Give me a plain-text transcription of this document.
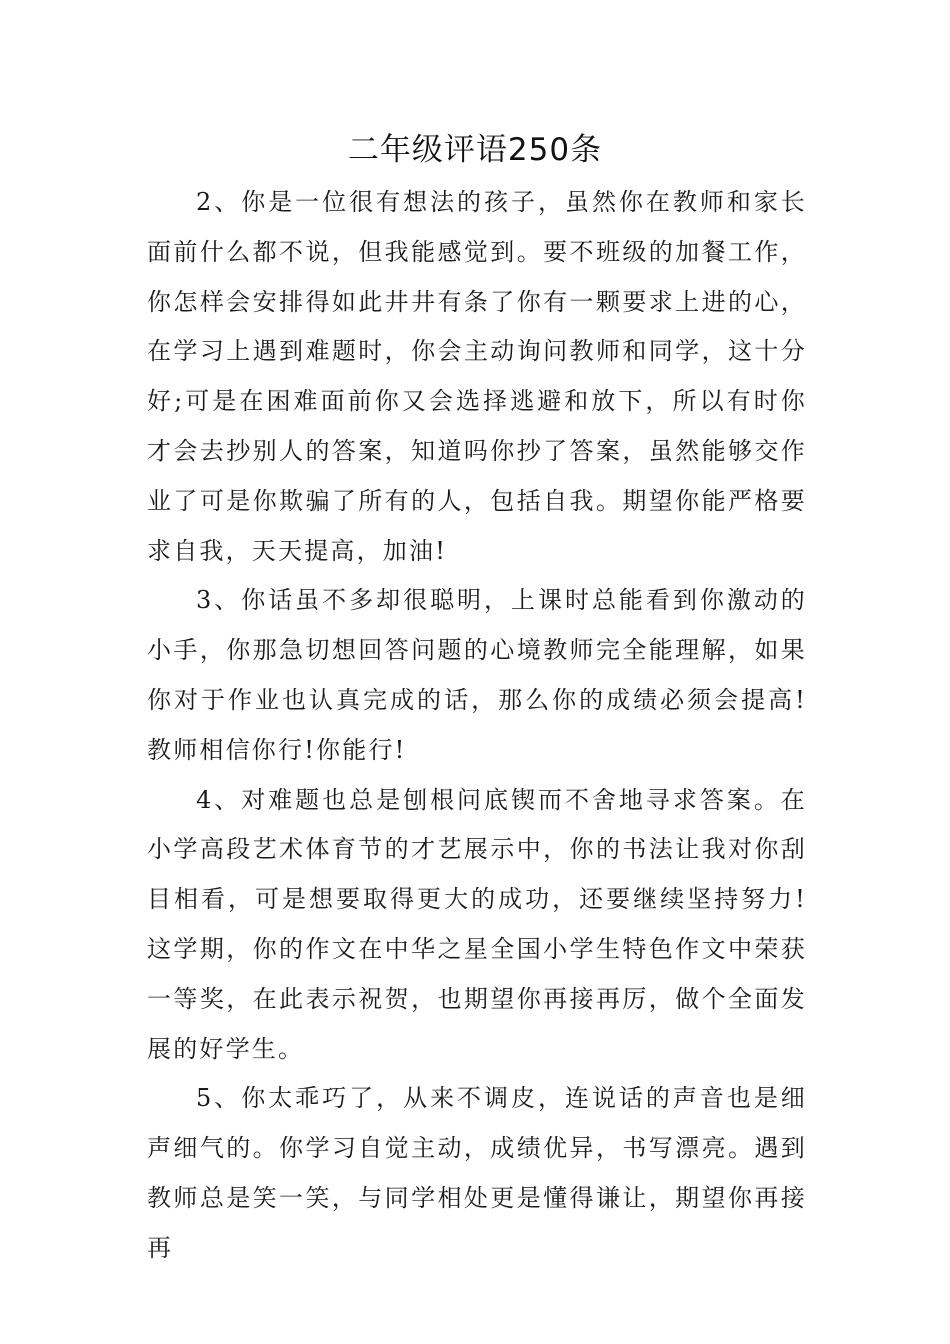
二年级评语250条

2、你是一位很有想法的孩子，虽然你在教师和家长面前什么都不说，但我能感觉到。要不班级的加餐工作，你怎样会安排得如此井井有条了你有一颗要求上进的心，在学习上遇到难题时，你会主动询问教师和同学，这十分好;可是在困难面前你又会选择逃避和放下，所以有时你才会去抄别人的答案，知道吗你抄了答案，虽然能够交作业了可是你欺骗了所有的人，包括自我。期望你能严格要求自我，天天提高，加油!

3、你话虽不多却很聪明，上课时总能看到你激动的小手，你那急切想回答问题的心境教师完全能理解，如果你对于作业也认真完成的话，那么你的成绩必须会提高!教师相信你行!你能行!

4、对难题也总是刨根问底锲而不舍地寻求答案。在小学高段艺术体育节的才艺展示中，你的书法让我对你刮目相看，可是想要取得更大的成功，还要继续坚持努力!这学期，你的作文在中华之星全国小学生特色作文中荣获一等奖，在此表示祝贺，也期望你再接再厉，做个全面发展的好学生。

5、你太乖巧了，从来不调皮，连说话的声音也是细声细气的。你学习自觉主动，成绩优异，书写漂亮。遇到教师总是笑一笑，与同学相处更是懂得谦让，期望你再接再
